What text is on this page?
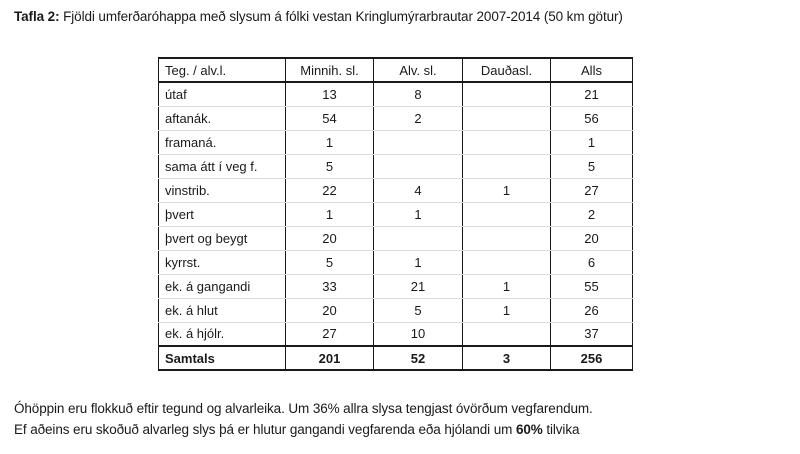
Tafla 2: Fjöldi umferðaróhappa með slysum á fólki vestan Kringlumýrarbrautar 2007-2014 (50 km götur)
Teg. / alv.l.	Minnih. sl.	Alv. sl.	Dauðasl.	Alls
útaf	13	8		21
aftanák.	54	2		56
framaná.	1			1
sama átt í veg f.	5			5
vinstrib.	22	4	1	27
þvert	1	1		2
þvert og beygt	20			20
kyrrst.	5	1		6
ek. á gangandi	33	21	1	55
ek. á hlut	20	5	1	26
ek. á hjólr.	27	10		37
Samtals	201	52	3	256
Óhöppin eru flokkuð eftir tegund og alvarleika. Um 36% allra slysa tengjast óvörðum vegfarendum.
Ef aðeins eru skoðuð alvarleg slys þá er hlutur gangandi vegfarenda eða hjólandi um 60% tilvika
